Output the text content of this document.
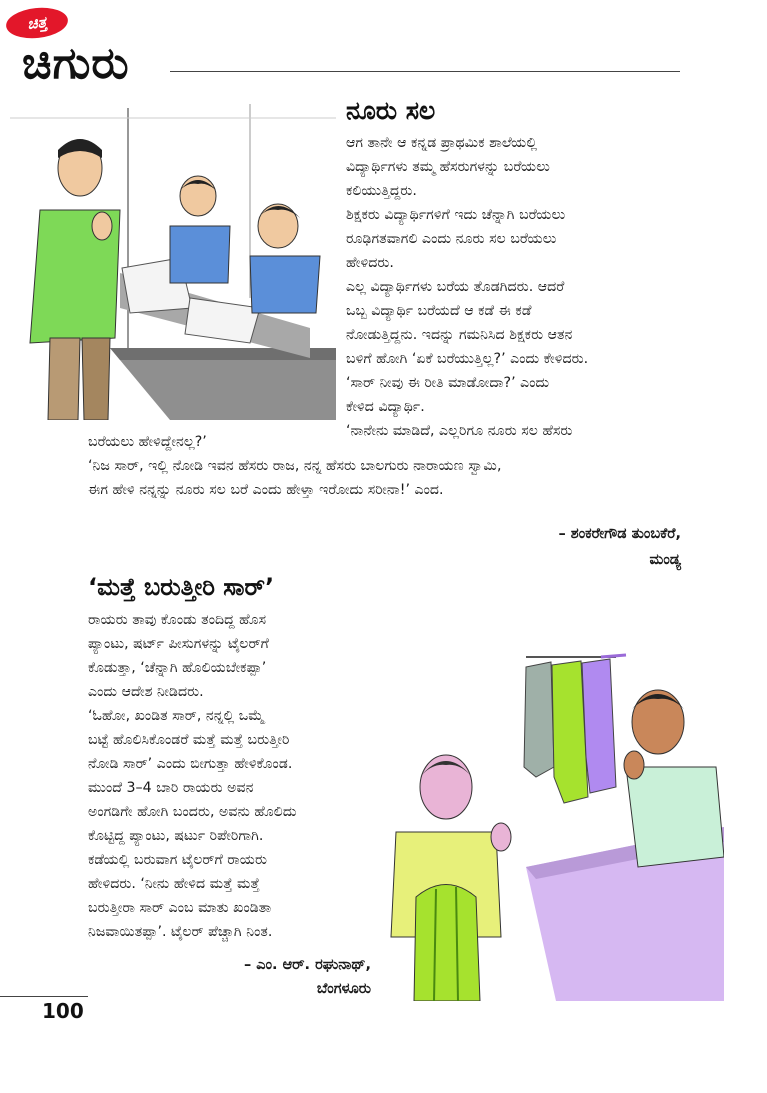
ಚಿತ್ತ
ಚಿಗುರು
ನೂರು ಸಲ
ಆಗ ತಾನೇ ಆ ಕನ್ನಡ ಪ್ರಾಥಮಿಕ ಶಾಲೆಯಲ್ಲಿ
ವಿದ್ಯಾರ್ಥಿಗಳು ತಮ್ಮ ಹೆಸರುಗಳನ್ನು ಬರೆಯಲು
ಕಲಿಯುತ್ತಿದ್ದರು.
ಶಿಕ್ಷಕರು ವಿದ್ಯಾರ್ಥಿಗಳಿಗೆ ಇದು ಚೆನ್ನಾಗಿ ಬರೆಯಲು
ರೂಢಿಗತವಾಗಲಿ ಎಂದು ನೂರು ಸಲ ಬರೆಯಲು
ಹೇಳಿದರು.
ಎಲ್ಲ ವಿದ್ಯಾರ್ಥಿಗಳು ಬರೆಯ ತೊಡಗಿದರು. ಆದರೆ
ಒಬ್ಬ ವಿದ್ಯಾರ್ಥಿ ಬರೆಯದೆ ಆ ಕಡೆ ಈ ಕಡೆ
ನೋಡುತ್ತಿದ್ದನು. ಇದನ್ನು ಗಮನಿಸಿದ ಶಿಕ್ಷಕರು ಆತನ
ಬಳಿಗೆ ಹೋಗಿ ‘ಏಕೆ ಬರೆಯುತ್ತಿಲ್ಲ?’ ಎಂದು ಕೇಳಿದರು.
‘ಸಾರ್ ನೀವು ಈ ರೀತಿ ಮಾಡೋದಾ?’ ಎಂದು
ಕೇಳಿದ ವಿದ್ಯಾರ್ಥಿ.
‘ನಾನೇನು ಮಾಡಿದೆ, ಎಲ್ಲರಿಗೂ ನೂರು ಸಲ ಹೆಸರು
ಬರೆಯಲು ಹೇಳಿದ್ದೇನಲ್ಲ?’
‘ನಿಜ ಸಾರ್, ಇಲ್ಲಿ ನೋಡಿ ಇವನ ಹೆಸರು ರಾಜ, ನನ್ನ ಹೆಸರು ಬಾಲಗುರು ನಾರಾಯಣ ಸ್ವಾಮಿ,
ಈಗ ಹೇಳಿ ನನ್ನನ್ನು ನೂರು ಸಲ ಬರೆ ಎಂದು ಹೇಳ್ತಾ ಇರೋದು ಸರೀನಾ!’ ಎಂದ.
– ಶಂಕರೇಗೌಡ ತುಂಬಕೆರೆ,
ಮಂಡ್ಯ
‘ಮತ್ತೆ ಬರುತ್ತೀರಿ ಸಾರ್’
ರಾಯರು ತಾವು ಕೊಂಡು ತಂದಿದ್ದ ಹೊಸ
ಪ್ಯಾಂಟು, ಷರ್ಟ್ ಪೀಸುಗಳನ್ನು ಟೈಲರ್‌ಗೆ
ಕೊಡುತ್ತಾ, ‘ಚೆನ್ನಾಗಿ ಹೊಲಿಯಬೇಕಪ್ಪಾ’
ಎಂದು ಆದೇಶ ನೀಡಿದರು.
‘ಓಹೋ, ಖಂಡಿತ ಸಾರ್, ನನ್ನಲ್ಲಿ ಒಮ್ಮೆ
ಬಟ್ಟೆ ಹೊಲಿಸಿಕೊಂಡರೆ ಮತ್ತೆ ಮತ್ತೆ ಬರುತ್ತೀರಿ
ನೋಡಿ ಸಾರ್’ ಎಂದು ಬೀಗುತ್ತಾ ಹೇಳಿಕೊಂಡ.
ಮುಂದೆ 3–4 ಬಾರಿ ರಾಯರು ಅವನ
ಅಂಗಡಿಗೇ ಹೋಗಿ ಬಂದರು, ಅವನು ಹೊಲಿದು
ಕೊಟ್ಟಿದ್ದ ಪ್ಯಾಂಟು, ಷರ್ಟು ರಿಪೇರಿಗಾಗಿ.
ಕಡೆಯಲ್ಲಿ ಬರುವಾಗ ಟೈಲರ್‌ಗೆ ರಾಯರು
ಹೇಳಿದರು. ‘ನೀನು ಹೇಳಿದ ಮತ್ತೆ ಮತ್ತೆ
ಬರುತ್ತೀರಾ ಸಾರ್ ಎಂಬ ಮಾತು ಖಂಡಿತಾ
ನಿಜವಾಯಿತಪ್ಪಾ’. ಟೈಲರ್ ಪೆಚ್ಚಾಗಿ ನಿಂತ.
– ಎಂ. ಆರ್. ರಘುನಾಥ್,
ಬೆಂಗಳೂರು
100
